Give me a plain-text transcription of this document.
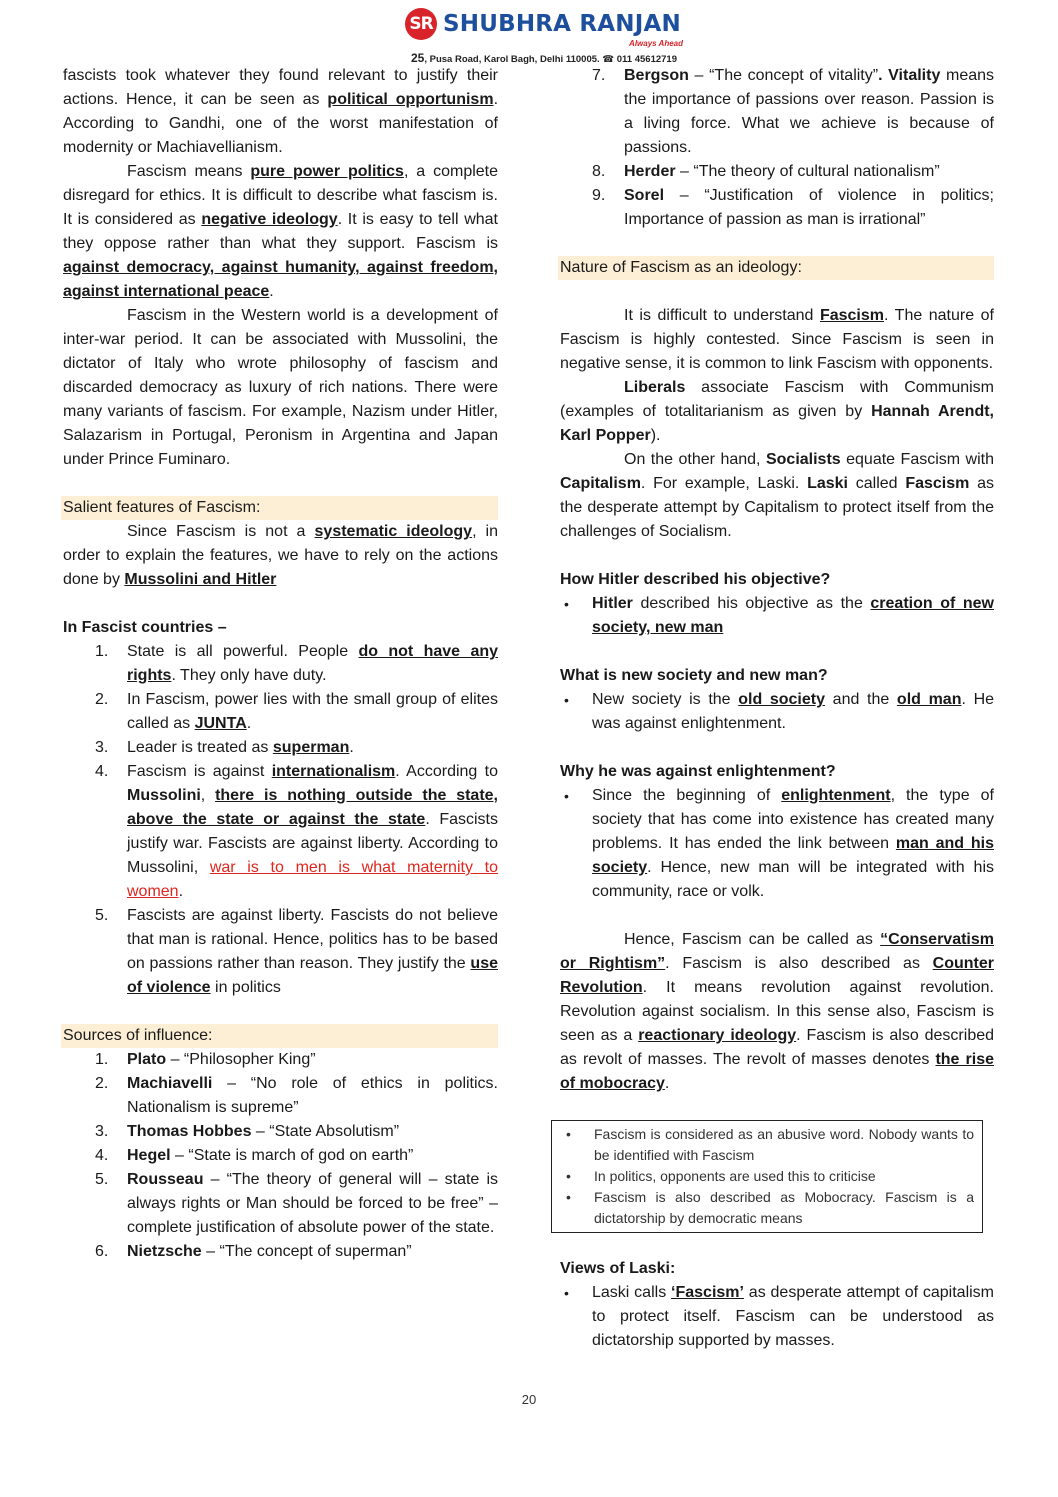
SR SHUBHRA RANJAN
Always Ahead
25, Pusa Road, Karol Bagh, Delhi 110005. ☎ 011 45612719

fascists took whatever they found relevant to justify their actions. Hence, it can be seen as political opportunism. According to Gandhi, one of the worst manifestation of modernity or Machiavellianism.

Fascism means pure power politics, a complete disregard for ethics. It is difficult to describe what fascism is. It is considered as negative ideology. It is easy to tell what they oppose rather than what they support. Fascism is against democracy, against humanity, against freedom, against international peace.

Fascism in the Western world is a development of inter-war period. It can be associated with Mussolini, the dictator of Italy who wrote philosophy of fascism and discarded democracy as luxury of rich nations. There were many variants of fascism. For example, Nazism under Hitler, Salazarism in Portugal, Peronism in Argentina and Japan under Prince Fuminaro.

Salient features of Fascism:

Since Fascism is not a systematic ideology, in order to explain the features, we have to rely on the actions done by Mussolini and Hitler

In Fascist countries –
1. State is all powerful. People do not have any rights. They only have duty.
2. In Fascism, power lies with the small group of elites called as JUNTA.
3. Leader is treated as superman.
4. Fascism is against internationalism. According to Mussolini, there is nothing outside the state, above the state or against the state. Fascists justify war. Fascists are against liberty. According to Mussolini, war is to men is what maternity to women.
5. Fascists are against liberty. Fascists do not believe that man is rational. Hence, politics has to be based on passions rather than reason. They justify the use of violence in politics
Sources of influence:
1. Plato – “Philosopher King”
2. Machiavelli – “No role of ethics in politics. Nationalism is supreme”
3. Thomas Hobbes – “State Absolutism”
4. Hegel – “State is march of god on earth”
5. Rousseau – “The theory of general will – state is always rights or Man should be forced to be free” – complete justification of absolute power of the state.
6. Nietzsche – “The concept of superman”
7. Bergson – “The concept of vitality”. Vitality means the importance of passions over reason. Passion is a living force. What we achieve is because of passions.
8. Herder – “The theory of cultural nationalism”
9. Sorel – “Justification of violence in politics; Importance of passion as man is irrational”
Nature of Fascism as an ideology:

It is difficult to understand Fascism. The nature of Fascism is highly contested. Since Fascism is seen in negative sense, it is common to link Fascism with opponents.

Liberals associate Fascism with Communism (examples of totalitarianism as given by Hannah Arendt, Karl Popper).

On the other hand, Socialists equate Fascism with Capitalism. For example, Laski. Laski called Fascism as the desperate attempt by Capitalism to protect itself from the challenges of Socialism.

How Hitler described his objective?
• Hitler described his objective as the creation of new society, new man
What is new society and new man?
• New society is the old society and the old man. He was against enlightenment.
Why he was against enlightenment?
• Since the beginning of enlightenment, the type of society that has come into existence has created many problems. It has ended the link between man and his society. Hence, new man will be integrated with his community, race or volk.

Hence, Fascism can be called as “Conservatism or Rightism”. Fascism is also described as Counter Revolution. It means revolution against revolution. Revolution against socialism. In this sense also, Fascism is seen as a reactionary ideology. Fascism is also described as revolt of masses. The revolt of masses denotes the rise of mobocracy.

• Fascism is considered as an abusive word. Nobody wants to be identified with Fascism
• In politics, opponents are used this to criticise
• Fascism is also described as Mobocracy. Fascism is a dictatorship by democratic means
Views of Laski:
• Laski calls ‘Fascism’ as desperate attempt of capitalism to protect itself. Fascism can be understood as dictatorship supported by masses.
20
